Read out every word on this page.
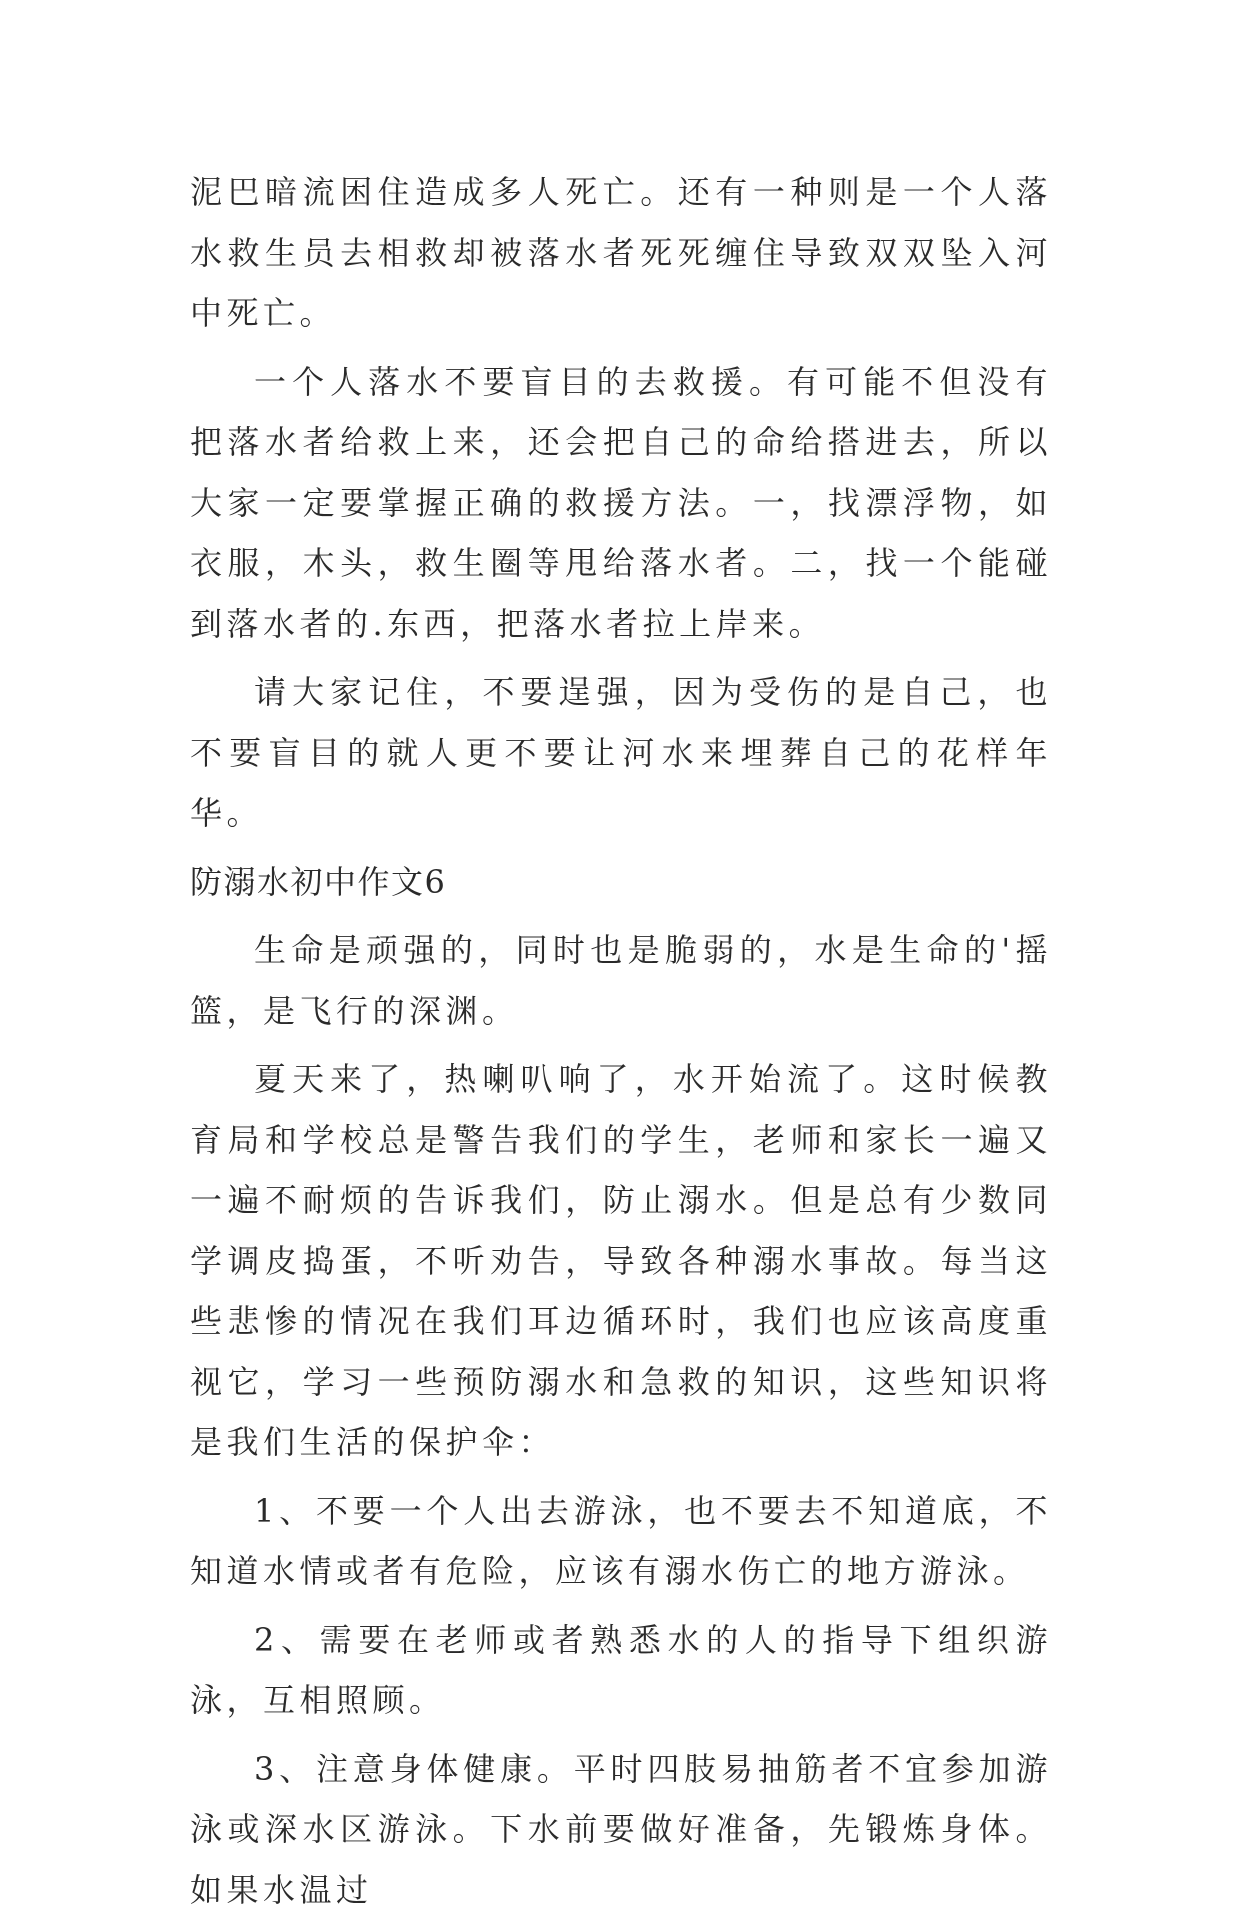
泥巴暗流困住造成多人死亡。还有一种则是一个人落水救生员去相救却被落水者死死缠住导致双双坠入河中死亡。

一个人落水不要盲目的去救援。有可能不但没有把落水者给救上来，还会把自己的命给搭进去，所以大家一定要掌握正确的救援方法。一，找漂浮物，如衣服，木头，救生圈等甩给落水者。二，找一个能碰到落水者的.东西，把落水者拉上岸来。

请大家记住，不要逞强，因为受伤的是自己，也不要盲目的就人更不要让河水来埋葬自己的花样年华。

防溺水初中作文6

生命是顽强的，同时也是脆弱的，水是生命的'摇篮，是飞行的深渊。

夏天来了，热喇叭响了，水开始流了。这时候教育局和学校总是警告我们的学生，老师和家长一遍又一遍不耐烦的告诉我们，防止溺水。但是总有少数同学调皮捣蛋，不听劝告，导致各种溺水事故。每当这些悲惨的情况在我们耳边循环时，我们也应该高度重视它，学习一些预防溺水和急救的知识，这些知识将是我们生活的保护伞：

1、不要一个人出去游泳，也不要去不知道底，不知道水情或者有危险，应该有溺水伤亡的地方游泳。

2、需要在老师或者熟悉水的人的指导下组织游泳，互相照顾。

3、注意身体健康。平时四肢易抽筋者不宜参加游泳或深水区游泳。下水前要做好准备，先锻炼身体。如果水温过
